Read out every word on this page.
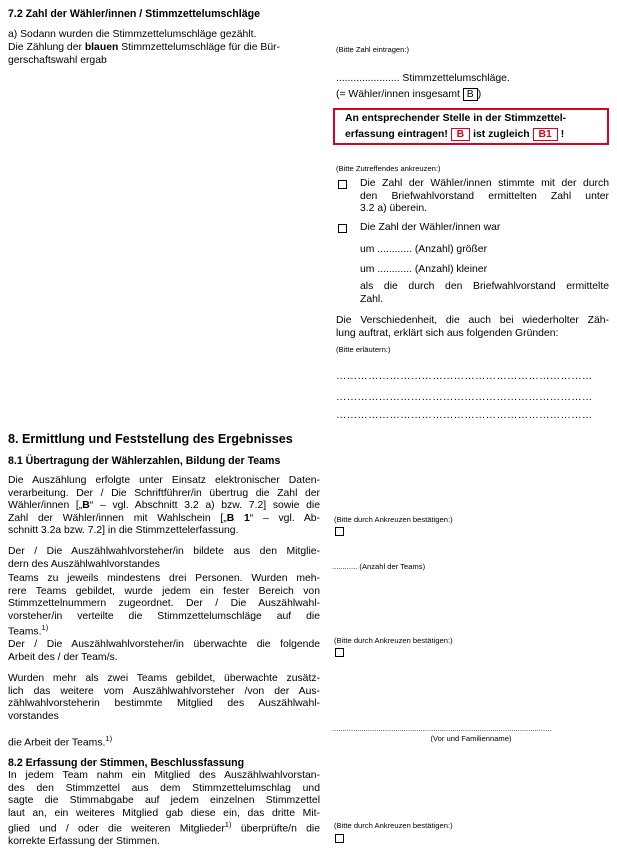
7.2 Zahl der Wähler/innen / Stimmzettelumschläge
a) Sodann wurden die Stimmzettelumschläge gezählt.
Die Zählung der blauen Stimmzettelumschläge für die Bür-
gerschaftswahl ergab
(Bitte Zahl eintragen:)
...................... Stimmzettelumschläge.
(= Wähler/innen insgesamt B )
An entsprechender Stelle in der Stimmzettel-
erfassung eintragen! B ist zugleich B1 !
(Bitte Zutreffendes ankreuzen:)
Die Zahl der Wähler/innen stimmte mit der durch
den Briefwahlvorstand ermittelten Zahl unter
3.2 a) überein.
Die Zahl der Wähler/innen war
um ............ (Anzahl) größer
um ............ (Anzahl) kleiner
als die durch den Briefwahlvorstand ermittelte
Zahl.
Die Verschiedenheit, die auch bei wiederholter Zäh-
lung auftrat, erklärt sich aus folgenden Gründen:
(Bitte erläutern:)
………………………………………………………………
………………………………………………………………
………………………………………………………………
8. Ermittlung und Feststellung des Ergebnisses
8.1 Übertragung der Wählerzahlen, Bildung der Teams
Die Auszählung erfolgte unter Einsatz elektronischer Daten-
verarbeitung. Der / Die Schriftführer/in übertrug die Zahl der
Wähler/innen [„B“ – vgl. Abschnitt 3.2 a) bzw. 7.2] sowie die
Zahl der Wähler/innen mit Wahlschein [„B 1“ – vgl. Ab-
schnitt 3.2a bzw. 7.2] in die Stimmzettelerfassung.
(Bitte durch Ankreuzen bestätigen:)
Der / Die Auszählwahlvorsteher/in bildete aus den Mitglie-
dern des Auszählwahlvorstandes	............ (Anzahl der Teams)
Teams zu jeweils mindestens drei Personen. Wurden meh-
rere Teams gebildet, wurde jedem ein fester Bereich von
Stimmzettelnummern zugeordnet. Der / Die Auszählwahl-
vorsteher/in verteilte die Stimmzettelumschläge auf die
Teams.$^{1)}$
Der / Die Auszählwahlvorsteher/in überwachte die folgende
Arbeit des / der Team/s.
(Bitte durch Ankreuzen bestätigen:)
Wurden mehr als zwei Teams gebildet, überwachte zusätz-
lich das weitere vom Auszählwahlvorsteher /von der Aus-
zählwahlvorsteherin bestimmte Mitglied des Auszählwahl-
vorstandes
........................................................................................................
(Vor und Familienname)
die Arbeit der Teams.$^{1)}$
8.2 Erfassung der Stimmen, Beschlussfassung
In jedem Team nahm ein Mitglied des Auszählwahlvorstan-
des den Stimmzettel aus dem Stimmzettelumschlag und
sagte die Stimmabgabe auf jedem einzelnen Stimmzettel
laut an, ein weiteres Mitglied gab diese ein, das dritte Mit-
glied und / oder die weiteren Mitglieder$^{1)}$ überprüfte/n die
korrekte Erfassung der Stimmen.
(Bitte durch Ankreuzen bestätigen:)
